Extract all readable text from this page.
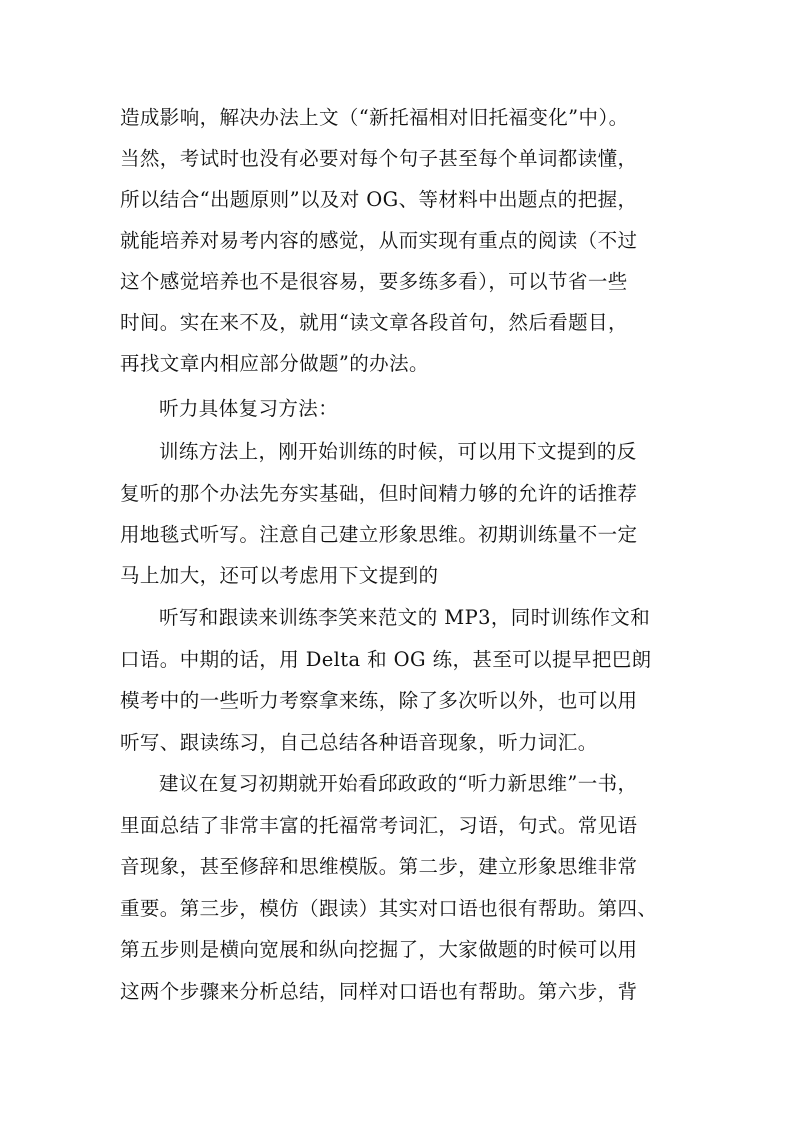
造成影响，解决办法上文（“新托福相对旧托福变化”中）。
当然，考试时也没有必要对每个句子甚至每个单词都读懂，
所以结合“出题原则”以及对 OG、等材料中出题点的把握，
就能培养对易考内容的感觉，从而实现有重点的阅读（不过
这个感觉培养也不是很容易，要多练多看），可以节省一些
时间。实在来不及，就用“读文章各段首句，然后看题目，
再找文章内相应部分做题”的办法。
听力具体复习方法：
训练方法上，刚开始训练的时候，可以用下文提到的反
复听的那个办法先夯实基础，但时间精力够的允许的话推荐
用地毯式听写。注意自己建立形象思维。初期训练量不一定
马上加大，还可以考虑用下文提到的
听写和跟读来训练李笑来范文的 MP3，同时训练作文和
口语。中期的话，用 Delta 和 OG 练，甚至可以提早把巴朗
模考中的一些听力考察拿来练，除了多次听以外，也可以用
听写、跟读练习，自己总结各种语音现象，听力词汇。
建议在复习初期就开始看邱政政的“听力新思维”一书，
里面总结了非常丰富的托福常考词汇，习语，句式。常见语
音现象，甚至修辞和思维模版。第二步，建立形象思维非常
重要。第三步，模仿（跟读）其实对口语也很有帮助。第四、
第五步则是横向宽展和纵向挖掘了，大家做题的时候可以用
这两个步骤来分析总结，同样对口语也有帮助。第六步，背
